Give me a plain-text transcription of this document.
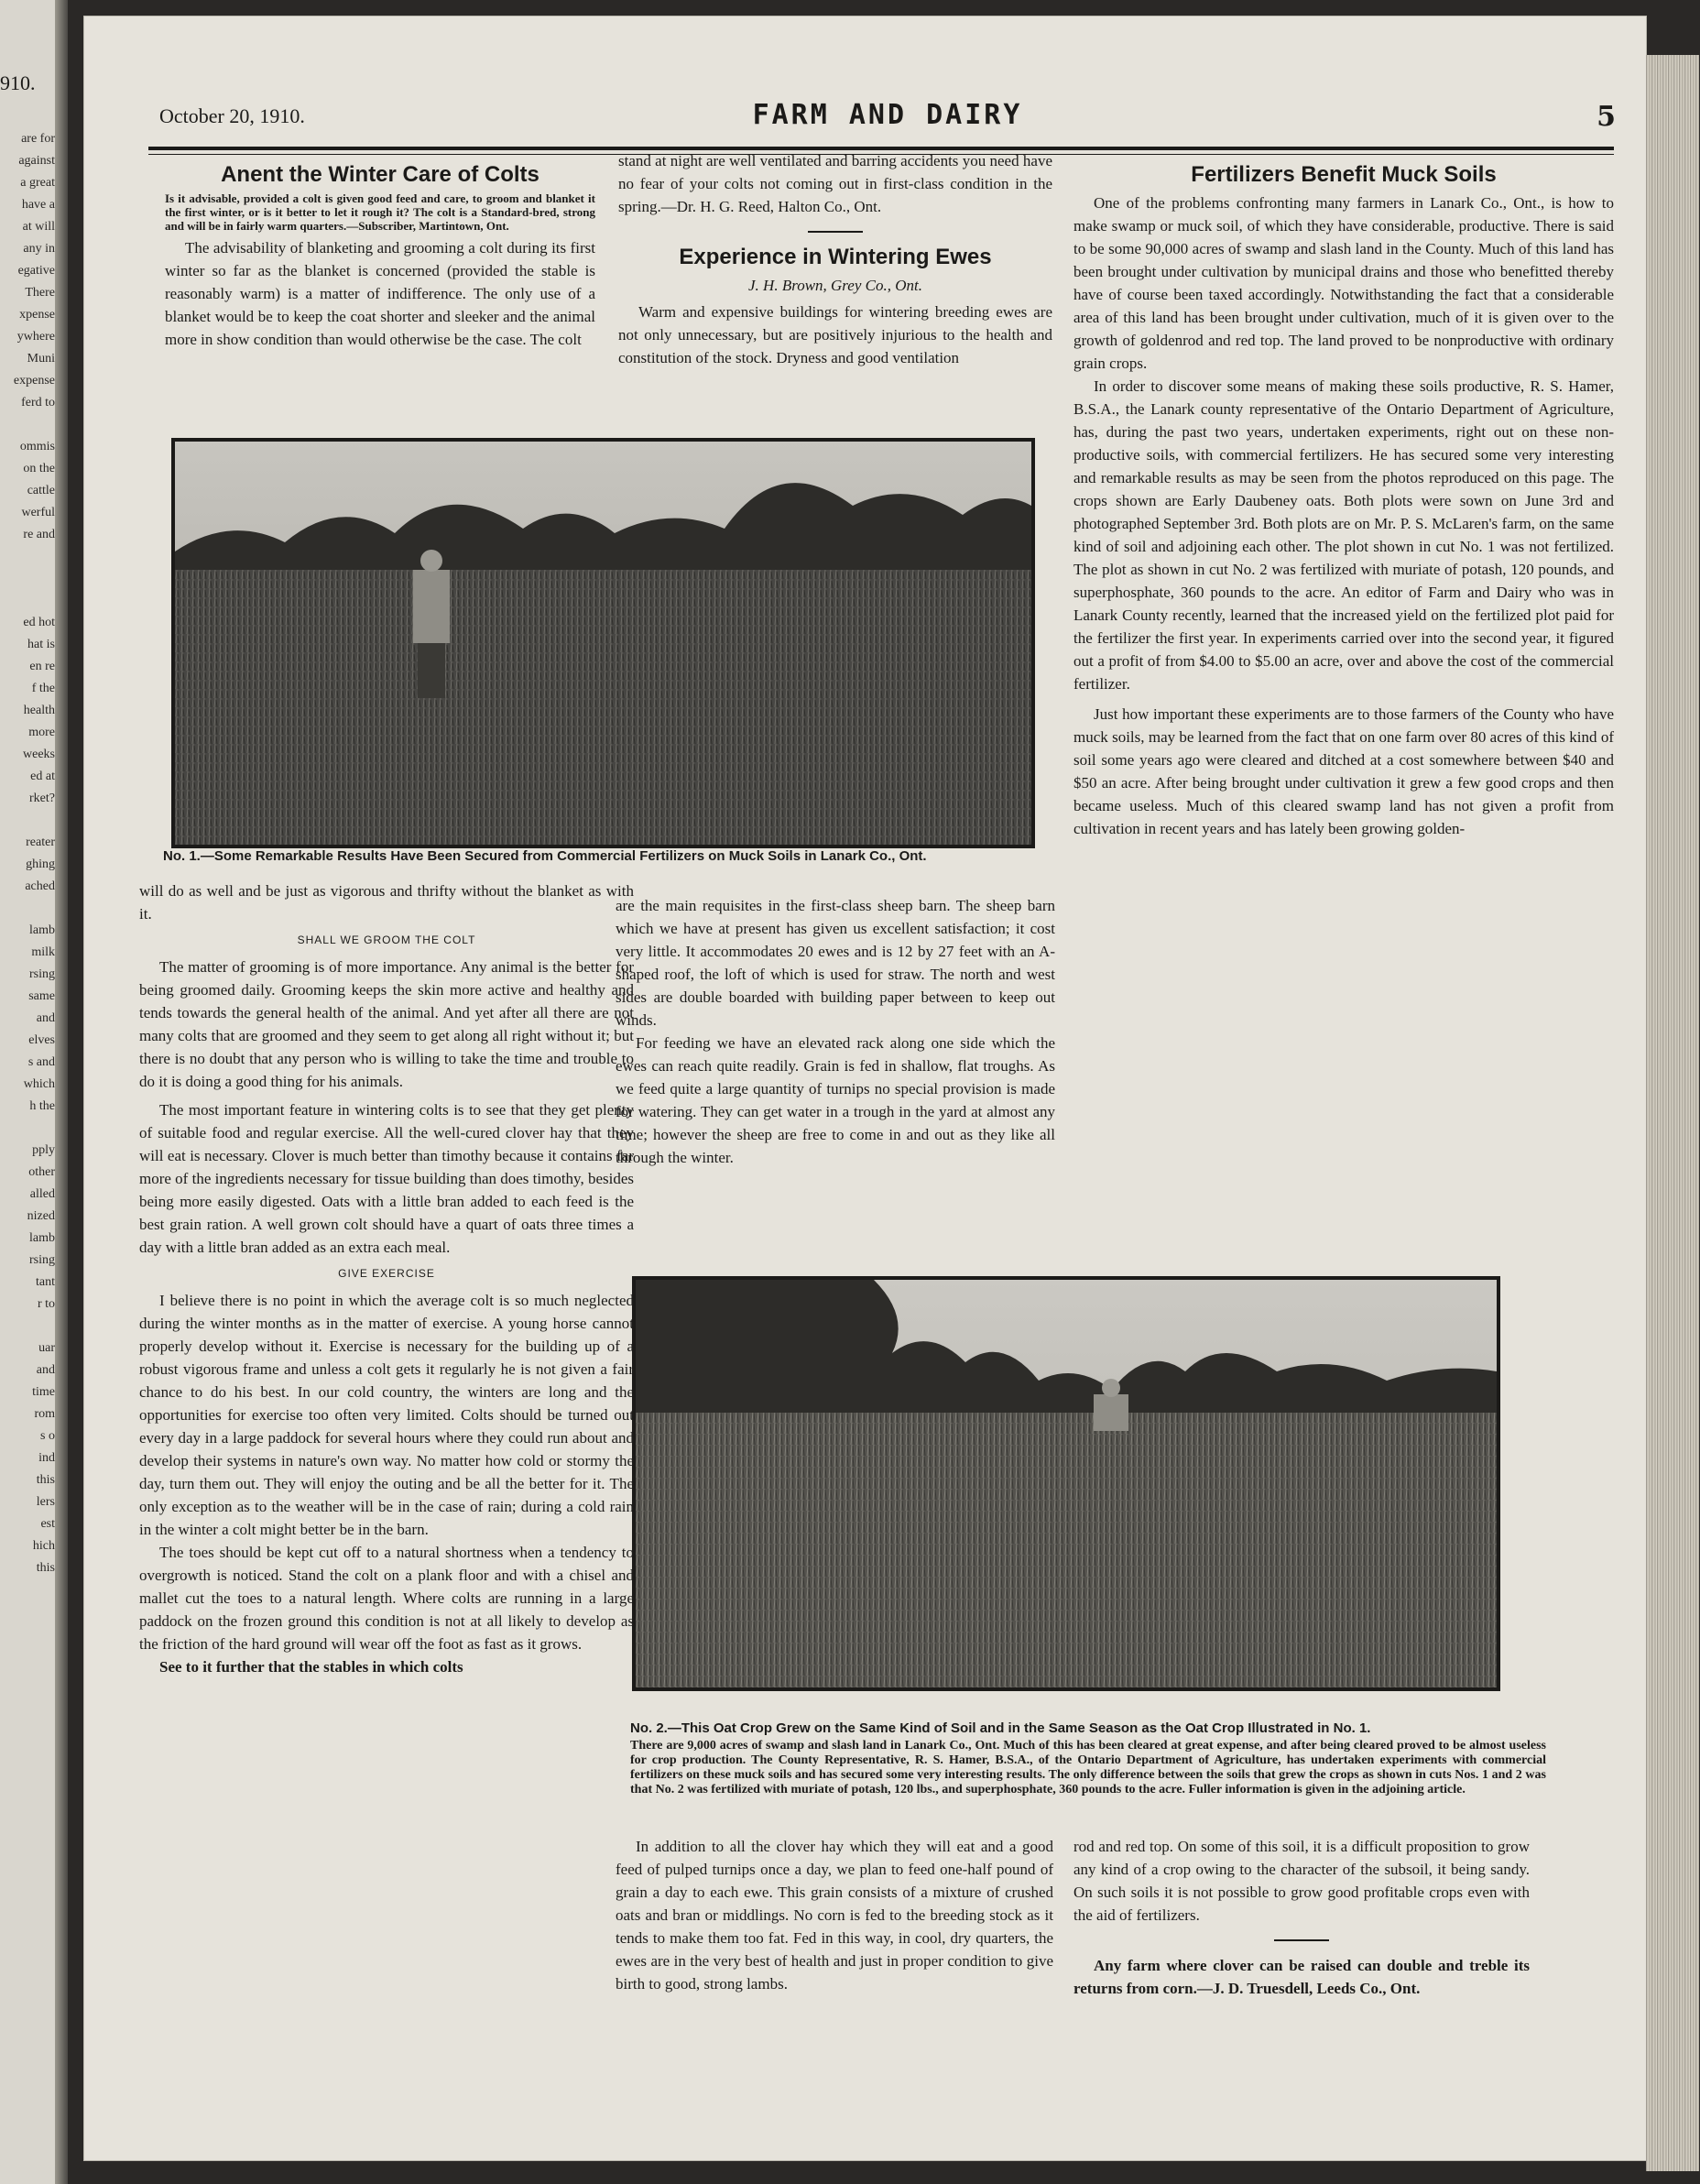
910.
are for
against
a great
have a
at will
any in
egative
There
xpense
ywhere
Muni
expense
ferd to

ommis
on the
cattle
werful
re and

ed hot
hat is
en re
f the
health
more
weeks
ed at
rket?

reater
ghing
ached

lamb
milk
rsing
same
and
elves
s and
which
h the

pply
other
alled
nized
lamb
rsing
tant
r to

uar
and
time
rom
s o
ind
this
lers
est
hich
this
October 20, 1910.	FARM AND DAIRY	5
Anent the Winter Care of Colts
Is it advisable, provided a colt is given good feed and care, to groom and blanket it the first winter, or is it better to let it rough it? The colt is a Standard-bred, strong and will be in fairly warm quarters.—Subscriber, Martintown, Ont.

The advisability of blanketing and grooming a colt during its first winter so far as the blanket is concerned (provided the stable is reasonably warm) is a matter of indifference. The only use of a blanket would be to keep the coat shorter and sleeker and the animal more in show condition than would otherwise be the case. The colt

stand at night are well ventilated and barring accidents you need have no fear of your colts not coming out in first-class condition in the spring.—Dr. H. G. Reed, Halton Co., Ont.

Experience in Wintering Ewes
J. H. Brown, Grey Co., Ont.

Warm and expensive buildings for wintering breeding ewes are not only unnecessary, but are positively injurious to the health and constitution of the stock. Dryness and good ventilation

Fertilizers Benefit Muck Soils

One of the problems confronting many farmers in Lanark Co., Ont., is how to make swamp or muck soil, of which they have considerable, productive. There is said to be some 90,000 acres of swamp and slash land in the County. Much of this land has been brought under cultivation by municipal drains and those who benefitted thereby have of course been taxed accordingly. Notwithstanding the fact that a considerable area of this land has been brought under cultivation, much of it is given over to the growth of goldenrod and red top. The land proved to be nonproductive with ordinary grain crops.

In order to discover some means of making these soils productive, R. S. Hamer, B.S.A., the Lanark county representative of the Ontario Department of Agriculture, has, during the past two years, undertaken experiments, right out on these non-productive soils, with commercial fertilizers. He has secured some very interesting and remarkable results as may be seen from the photos reproduced on this page. The crops shown are Early Daubeney oats. Both plots were sown on June 3rd and photographed September 3rd. Both plots are on Mr. P. S. McLaren's farm, on the same kind of soil and adjoining each other. The plot shown in cut No. 1 was not fertilized. The plot as shown in cut No. 2 was fertilized with muriate of potash, 120 pounds, and superphosphate, 360 pounds to the acre. An editor of Farm and Dairy who was in Lanark County recently, learned that the increased yield on the fertilized plot paid for the fertilizer the first year. In experiments carried over into the second year, it figured out a profit of from $4.00 to $5.00 an acre, over and above the cost of the commercial fertilizer.

Just how important these experiments are to those farmers of the County who have muck soils, may be learned from the fact that on one farm over 80 acres of this kind of soil some years ago were cleared and ditched at a cost somewhere between $40 and $50 an acre. After being brought under cultivation it grew a few good crops and then became useless. Much of this cleared swamp land has not given a profit from cultivation in recent years and has lately been growing golden-

No. 1.—Some Remarkable Results Have Been Secured from Commercial Fertilizers on Muck Soils in Lanark Co., Ont.

will do as well and be just as vigorous and thrifty without the blanket as with it.

SHALL WE GROOM THE COLT

The matter of grooming is of more importance. Any animal is the better for being groomed daily. Grooming keeps the skin more active and healthy and tends towards the general health of the animal. And yet after all there are not many colts that are groomed and they seem to get along all right without it; but there is no doubt that any person who is willing to take the time and trouble to do it is doing a good thing for his animals.

The most important feature in wintering colts is to see that they get plenty of suitable food and regular exercise. All the well-cured clover hay that they will eat is necessary. Clover is much better than timothy because it contains far more of the ingredients necessary for tissue building than does timothy, besides being more easily digested. Oats with a little bran added to each feed is the best grain ration. A well grown colt should have a quart of oats three times a day with a little bran added as an extra each meal.

GIVE EXERCISE

I believe there is no point in which the average colt is so much neglected during the winter months as in the matter of exercise. A young horse cannot properly develop without it. Exercise is necessary for the building up of a robust vigorous frame and unless a colt gets it regularly he is not given a fair chance to do his best. In our cold country, the winters are long and the opportunities for exercise too often very limited. Colts should be turned out every day in a large paddock for several hours where they could run about and develop their systems in nature's own way. No matter how cold or stormy the day, turn them out. They will enjoy the outing and be all the better for it. The only exception as to the weather will be in the case of rain; during a cold rain in the winter a colt might better be in the barn.

The toes should be kept cut off to a natural shortness when a tendency to overgrowth is noticed. Stand the colt on a plank floor and with a chisel and mallet cut the toes to a natural length. Where colts are running in a large paddock on the frozen ground this condition is not at all likely to develop as the friction of the hard ground will wear off the foot as fast as it grows.

See to it further that the stables in which colts

are the main requisites in the first-class sheep barn. The sheep barn which we have at present has given us excellent satisfaction; it cost very little. It accommodates 20 ewes and is 12 by 27 feet with an A-shaped roof, the loft of which is used for straw. The north and west sides are double boarded with building paper between to keep out winds.

For feeding we have an elevated rack along one side which the ewes can reach quite readily. Grain is fed in shallow, flat troughs. As we feed quite a large quantity of turnips no special provision is made for watering. They can get water in a trough in the yard at almost any time; however the sheep are free to come in and out as they like all through the winter.

No. 2.—This Oat Crop Grew on the Same Kind of Soil and in the Same Season as the Oat Crop Illustrated in No. 1.
There are 9,000 acres of swamp and slash land in Lanark Co., Ont. Much of this has been cleared at great expense, and after being cleared proved to be almost useless for crop production. The County Representative, R. S. Hamer, B.S.A., of the Ontario Department of Agriculture, has undertaken experiments with commercial fertilizers on these muck soils and has secured some very interesting results. The only difference between the soils that grew the crops as shown in cuts Nos. 1 and 2 was that No. 2 was fertilized with muriate of potash, 120 lbs., and superphosphate, 360 pounds to the acre. Fuller information is given in the adjoining article.

In addition to all the clover hay which they will eat and a good feed of pulped turnips once a day, we plan to feed one-half pound of grain a day to each ewe. This grain consists of a mixture of crushed oats and bran or middlings. No corn is fed to the breeding stock as it tends to make them too fat. Fed in this way, in cool, dry quarters, the ewes are in the very best of health and just in proper condition to give birth to good, strong lambs.

rod and red top. On some of this soil, it is a difficult proposition to grow any kind of a crop owing to the character of the subsoil, it being sandy. On such soils it is not possible to grow good profitable crops even with the aid of fertilizers.

Any farm where clover can be raised can double and treble its returns from corn.—J. D. Truesdell, Leeds Co., Ont.
